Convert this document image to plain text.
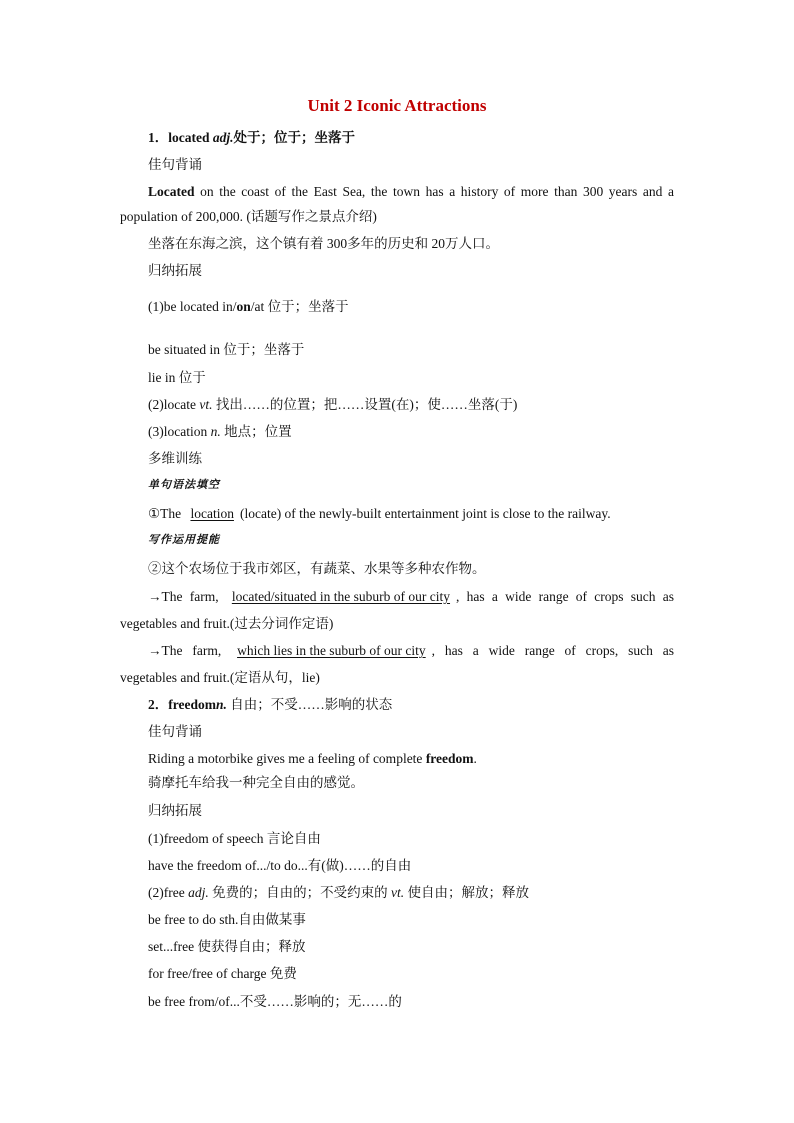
Unit 2 Iconic Attractions
1．located adj.处于；位于；坐落于
佳句背诵
Located on the coast of the East Sea, the town has a history of more than 300 years and a
population of 200,000. (话题写作之景点介绍)
坐落在东海之滨，这个镇有着 300多年的历史和 20万人口。
归纳拓展
(1)be located in/on/at 位于；坐落于
be situated in 位于；坐落于
lie in 位于
(2)locate vt. 找出……的位置；把……设置(在)；使……坐落(于)
(3)location n. 地点；位置
多维训练
单句语法填空
①The location (locate) of the newly-built entertainment joint is close to the railway.
写作运用提能
②这个农场位于我市郊区，有蔬菜、水果等多种农作物。
→The farm, located/situated in the suburb of our city , has a wide range of crops such as
vegetables and fruit.(过去分词作定语)
→The farm, which lies in the suburb of our city , has a wide range of crops, such as
vegetables and fruit.(定语从句，lie)
2．freedomn. 自由；不受……影响的状态
佳句背诵
Riding a motorbike gives me a feeling of complete freedom.
骑摩托车给我一种完全自由的感觉。
归纳拓展
(1)freedom of speech 言论自由
have the freedom of.../to do...有(做)……的自由
(2)free adj. 免费的；自由的；不受约束的 vt. 使自由；解放；释放
be free to do sth.自由做某事
set...free 使获得自由；释放
for free/free of charge 免费
be free from/of...不受……影响的；无……的
